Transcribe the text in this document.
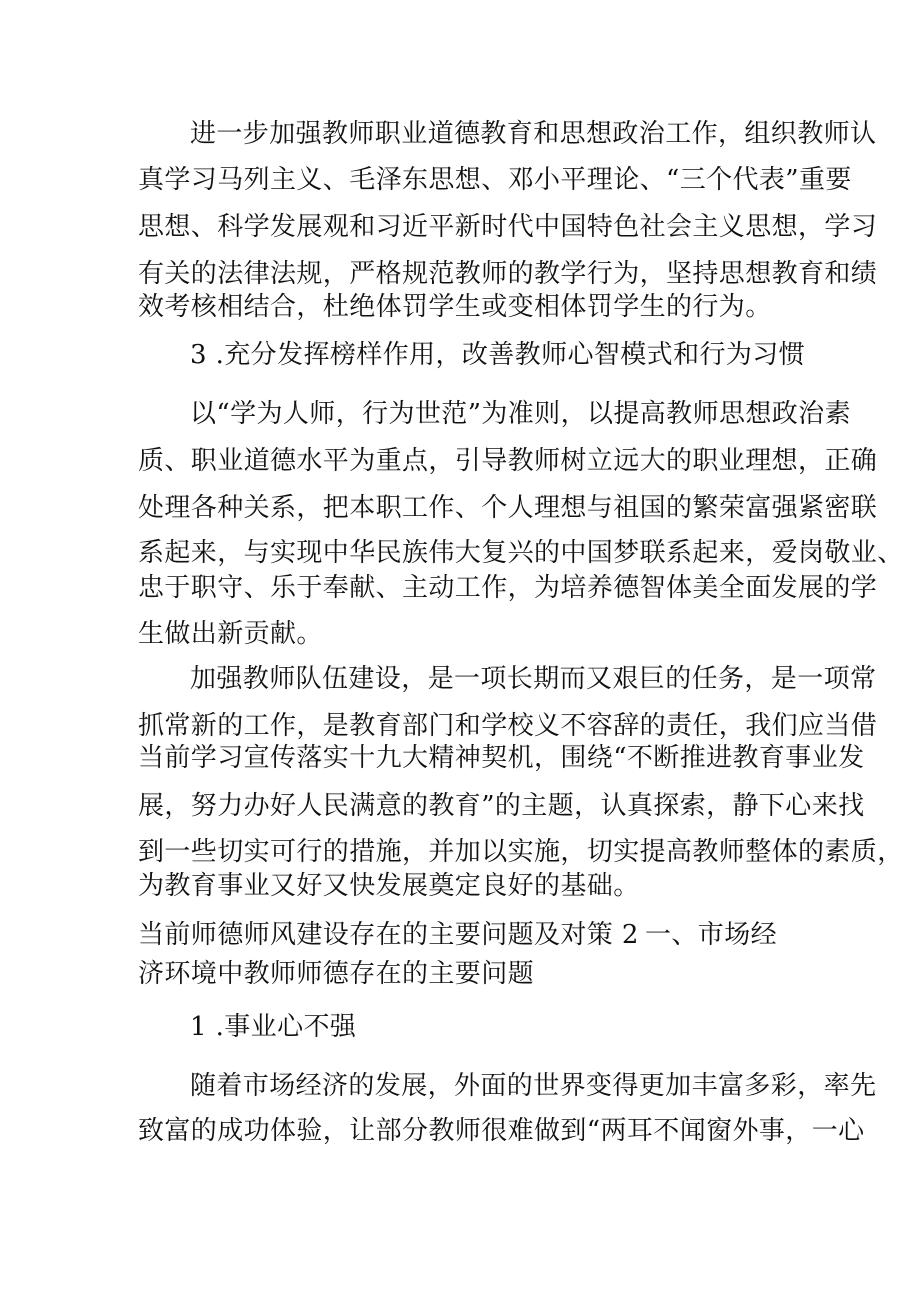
进一步加强教师职业道德教育和思想政治工作，组织教师认

真学习马列主义、毛泽东思想、邓小平理论、“三个代表”重要

思想、科学发展观和习近平新时代中国特色社会主义思想，学习

有关的法律法规，严格规范教师的教学行为，坚持思想教育和绩

效考核相结合，杜绝体罚学生或变相体罚学生的行为。

3 .充分发挥榜样作用，改善教师心智模式和行为习惯

以“学为人师，行为世范”为准则，以提高教师思想政治素

质、职业道德水平为重点，引导教师树立远大的职业理想，正确

处理各种关系，把本职工作、个人理想与祖国的繁荣富强紧密联

系起来，与实现中华民族伟大复兴的中国梦联系起来，爱岗敬业、

忠于职守、乐于奉献、主动工作，为培养德智体美全面发展的学

生做出新贡献。

加强教师队伍建设，是一项长期而又艰巨的任务，是一项常

抓常新的工作，是教育部门和学校义不容辞的责任，我们应当借

当前学习宣传落实十九大精神契机，围绕“不断推进教育事业发

展，努力办好人民满意的教育”的主题，认真探索，静下心来找

到一些切实可行的措施，并加以实施，切实提高教师整体的素质，

为教育事业又好又快发展奠定良好的基础。

当前师德师风建设存在的主要问题及对策 2 一、市场经

济环境中教师师德存在的主要问题

1 .事业心不强

随着市场经济的发展，外面的世界变得更加丰富多彩，率先

致富的成功体验，让部分教师很难做到“两耳不闻窗外事，一心
